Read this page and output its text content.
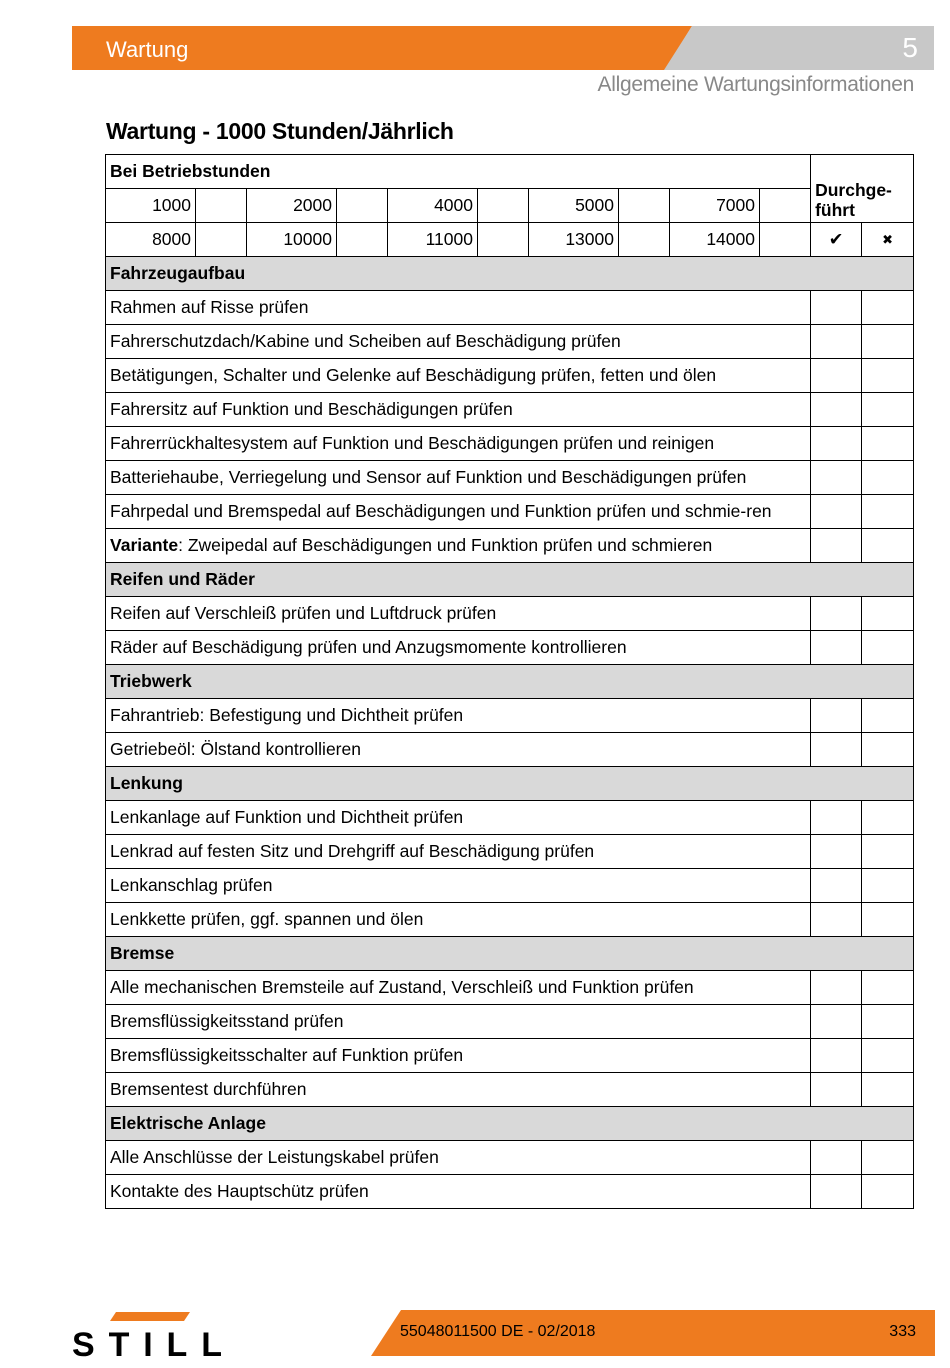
Wartung	5
Allgemeine Wartungsinformationen
Wartung - 1000 Stunden/Jährlich
Bei Betriebstunden										Durchge-
führt	
1000		2000		4000		5000		7000			
8000		10000		11000		13000		14000		✔	✖
Fahrzeugaufbau											
Rahmen auf Risse prüfen											
Fahrerschutzdach/Kabine und Scheiben auf Beschädigung prüfen											
Betätigungen, Schalter und Gelenke auf Beschädigung prüfen, fetten und ölen											
Fahrersitz auf Funktion und Beschädigungen prüfen											
Fahrerrückhaltesystem auf Funktion und Beschädigungen prüfen und reinigen											
Batteriehaube, Verriegelung und Sensor auf Funktion und Beschädigungen prüfen											
Fahrpedal und Bremspedal auf Beschädigungen und Funktion prüfen und schmie-ren											
Variante: Zweipedal auf Beschädigungen und Funktion prüfen und schmieren											
Reifen und Räder											
Reifen auf Verschleiß prüfen und Luftdruck prüfen											
Räder auf Beschädigung prüfen und Anzugsmomente kontrollieren											
Triebwerk											
Fahrantrieb: Befestigung und Dichtheit prüfen											
Getriebeöl: Ölstand kontrollieren											
Lenkung											
Lenkanlage auf Funktion und Dichtheit prüfen											
Lenkrad auf festen Sitz und Drehgriff auf Beschädigung prüfen											
Lenkanschlag prüfen											
Lenkkette prüfen, ggf. spannen und ölen											
Bremse											
Alle mechanischen Bremsteile auf Zustand, Verschleiß und Funktion prüfen											
Bremsflüssigkeitsstand prüfen											
Bremsflüssigkeitsschalter auf Funktion prüfen											
Bremsentest durchführen											
Elektrische Anlage											
Alle Anschlüsse der Leistungskabel prüfen											
Kontakte des Hauptschütz prüfen											
55048011500 DE - 02/2018	333
STILL
